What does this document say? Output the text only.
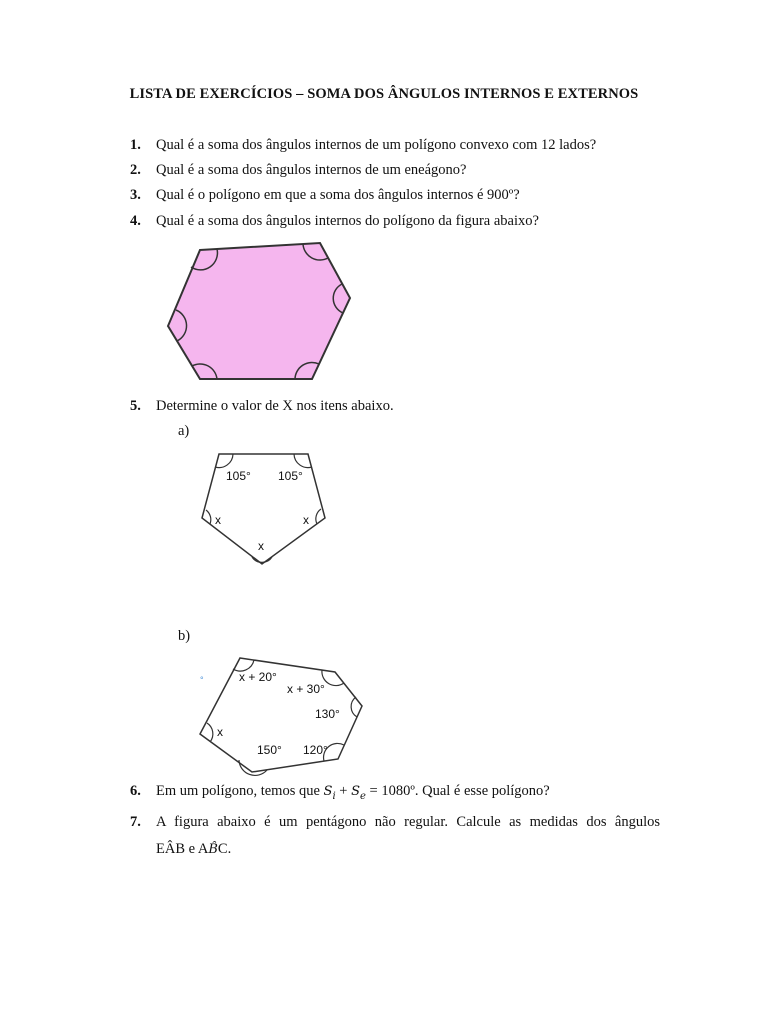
LISTA DE EXERCÍCIOS – SOMA DOS ÂNGULOS INTERNOS E EXTERNOS
1. Qual é a soma dos ângulos internos de um polígono convexo com 12 lados?
2. Qual é a soma dos ângulos internos de um eneágono?
3. Qual é o polígono em que a soma dos ângulos internos é 900º?
4. Qual é a soma dos ângulos internos do polígono da figura abaixo?
5. Determine o valor de X nos itens abaixo.
a)
105° 105°
x	x
x
b)
°	x + 20°
x + 30°
130°
x
150° 120°
6. Em um polígono, temos que $S_i + S_e$ = 1080º. Qual é esse polígono?
7. A figura abaixo é um pentágono não regular. Calcule as medidas dos ângulos
EÂB e AB̂C.
